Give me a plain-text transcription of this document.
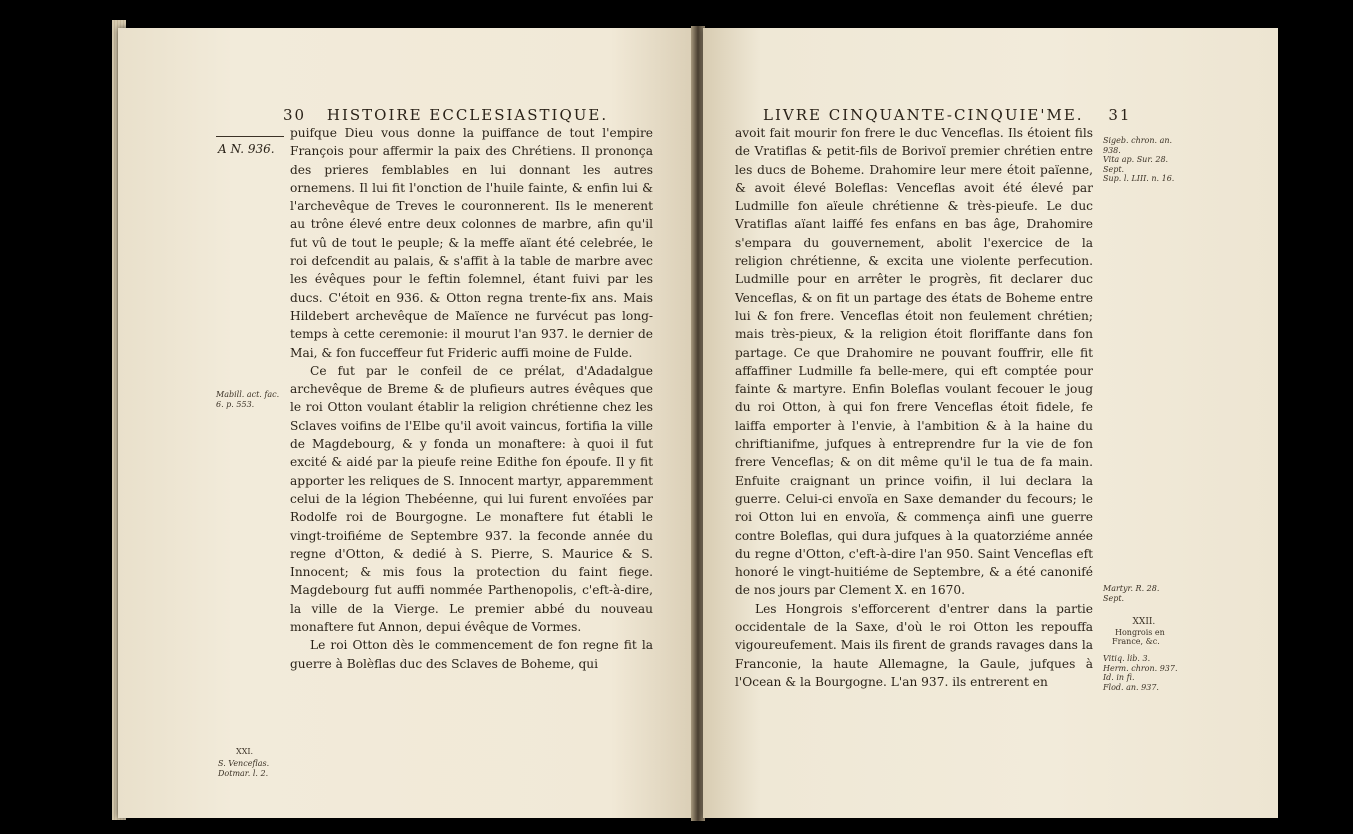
30 HISTOIRE ECCLESIASTIQUE.
A N. 936.
Mabill. act. fac.
6. p. 553.
XXI.
S. Venceflas.
Dotmar. l. 2.

puifque Dieu vous donne la puiffance de tout l'empire François pour affermir la paix des Chrétiens. Il prononça des prieres femblables en lui donnant les autres ornemens. Il lui fit l'onction de l'huile fainte, & enfin lui & l'archevêque de Treves le couronnerent. Ils le menerent au trône élevé entre deux colonnes de marbre, afin qu'il fut vû de tout le peuple; & la meffe aïant été celebrée, le roi defcendit au palais, & s'affit à la table de marbre avec les évêques pour le feftin folemnel, étant fuivi par les ducs. C'étoit en 936. & Otton regna trente-fix ans. Mais Hildebert archevêque de Maïence ne furvécut pas long-temps à cette ceremonie: il mourut l'an 937. le dernier de Mai, & fon fucceffeur fut Frideric auffi moine de Fulde.

Ce fut par le confeil de ce prélat, d'Adadalgue archevêque de Breme & de plufieurs autres évêques que le roi Otton voulant établir la religion chrétienne chez les Sclaves voifins de l'Elbe qu'il avoit vaincus, fortifia la ville de Magdebourg, & y fonda un monaftere: à quoi il fut excité & aidé par la pieufe reine Edithe fon époufe. Il y fit apporter les reliques de S. Innocent martyr, apparemment celui de la légion Thebéenne, qui lui furent envoïées par Rodolfe roi de Bourgogne. Le monaftere fut établi le vingt-troifiéme de Septembre 937. la feconde année du regne d'Otton, & dedié à S. Pierre, S. Maurice & S. Innocent; & mis fous la protection du faint fiege. Magdebourg fut auffi nommée Parthenopolis, c'eft-à-dire, la ville de la Vierge. Le premier abbé du nouveau monaftere fut Annon, depui évêque de Vormes.

Le roi Otton dès le commencement de fon regne fit la guerre à Bolèflas duc des Sclaves de Boheme, qui

LIVRE CINQUANTE-CINQUIE'ME. 31

avoit fait mourir fon frere le duc Venceflas. Ils étoient fils de Vratiflas & petit-fils de Borivoï premier chrétien entre les ducs de Boheme. Drahomire leur mere étoit païenne, & avoit élevé Boleflas: Venceflas avoit été élevé par Ludmille fon aïeule chrétienne & très-pieufe. Le duc Vratiflas aïant laiffé fes enfans en bas âge, Drahomire s'empara du gouvernement, abolit l'exercice de la religion chrétienne, & excita une violente perfecution. Ludmille pour en arrêter le progrès, fit declarer duc Venceflas, & on fit un partage des états de Boheme entre lui & fon frere. Venceflas étoit non feulement chrétien; mais très-pieux, & la religion étoit floriffante dans fon partage. Ce que Drahomire ne pouvant fouffrir, elle fit affaffiner Ludmille fa belle-mere, qui eft comptée pour fainte & martyre. Enfin Boleflas voulant fecouer le joug du roi Otton, à qui fon frere Venceflas étoit fidele, fe laiffa emporter à l'envie, à l'ambition & à la haine du chriftianifme, jufques à entreprendre fur la vie de fon frere Venceflas; & on dit même qu'il le tua de fa main. Enfuite craignant un prince voifin, il lui declara la guerre. Celui-ci envoïa en Saxe demander du fecours; le roi Otton lui en envoïa, & commença ainfi une guerre contre Boleflas, qui dura jufques à la quatorziéme année du regne d'Otton, c'eft-à-dire l'an 950. Saint Venceflas eft honoré le vingt-huitiéme de Septembre, & a été canonifé de nos jours par Clement X. en 1670.

Les Hongrois s'efforcerent d'entrer dans la partie occidentale de la Saxe, d'où le roi Otton les repouffa vigoureufement. Mais ils firent de grands ravages dans la Franconie, la haute Allemagne, la Gaule, jufques à l'Ocean & la Bourgogne. L'an 937. ils entrerent en

Sigeb. chron. an.
938.
Vita ap. Sur. 28.
Sept.
Sup. l. LIII. n. 16.
Martyr. R. 28.
Sept.
XXII.
Hongrois en
France, &c.
Vitiq. lib. 3.
Herm. chron. 937.
Id. in fi.
Flod. an. 937.
